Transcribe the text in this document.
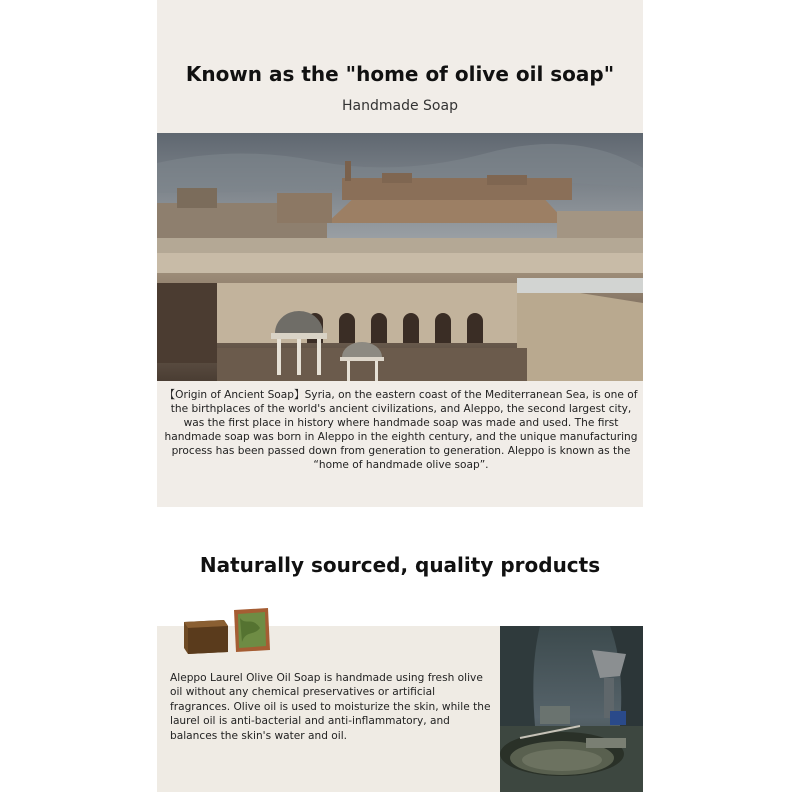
Known as the "home of olive oil soap"
Handmade Soap
【Origin of Ancient Soap】Syria, on the eastern coast of the Mediterranean Sea, is one of the birthplaces of the world's ancient civilizations, and Aleppo, the second largest city, was the first place in history where handmade soap was made and used. The first handmade soap was born in Aleppo in the eighth century, and the unique manufacturing process has been passed down from generation to generation. Aleppo is known as the “home of handmade olive soap”.
Naturally sourced, quality products
Aleppo Laurel Olive Oil Soap is handmade using fresh olive oil without any chemical preservatives or artificial fragrances. Olive oil is used to moisturize the skin, while the laurel oil is anti-bacterial and anti-inflammatory, and balances the skin's water and oil.
